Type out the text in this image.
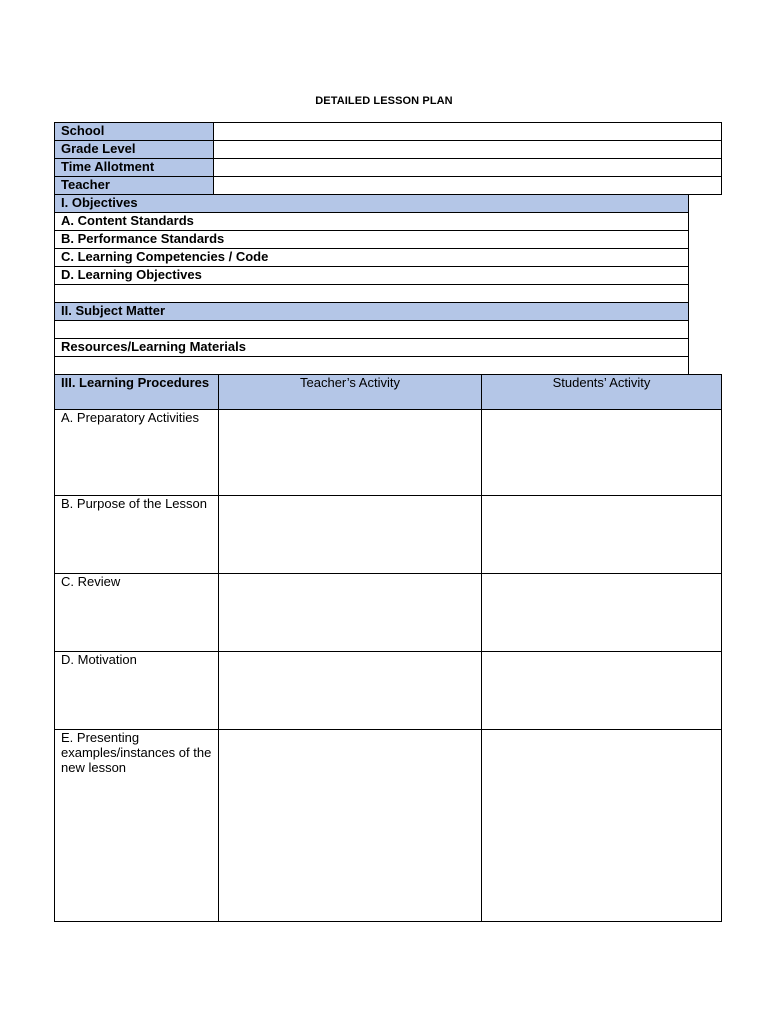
DETAILED LESSON PLAN
School	
Grade Level	
Time Allotment	
Teacher	
I. Objectives
A. Content Standards
B. Performance Standards
C. Learning Competencies / Code
D. Learning Objectives

II. Subject Matter

Resources/Learning Materials

III. Learning Procedures	Teacher’s Activity	Students’ Activity
A. Preparatory Activities		
B. Purpose of the Lesson		
C. Review		
D. Motivation		
E. Presenting examples/instances of the new lesson		
